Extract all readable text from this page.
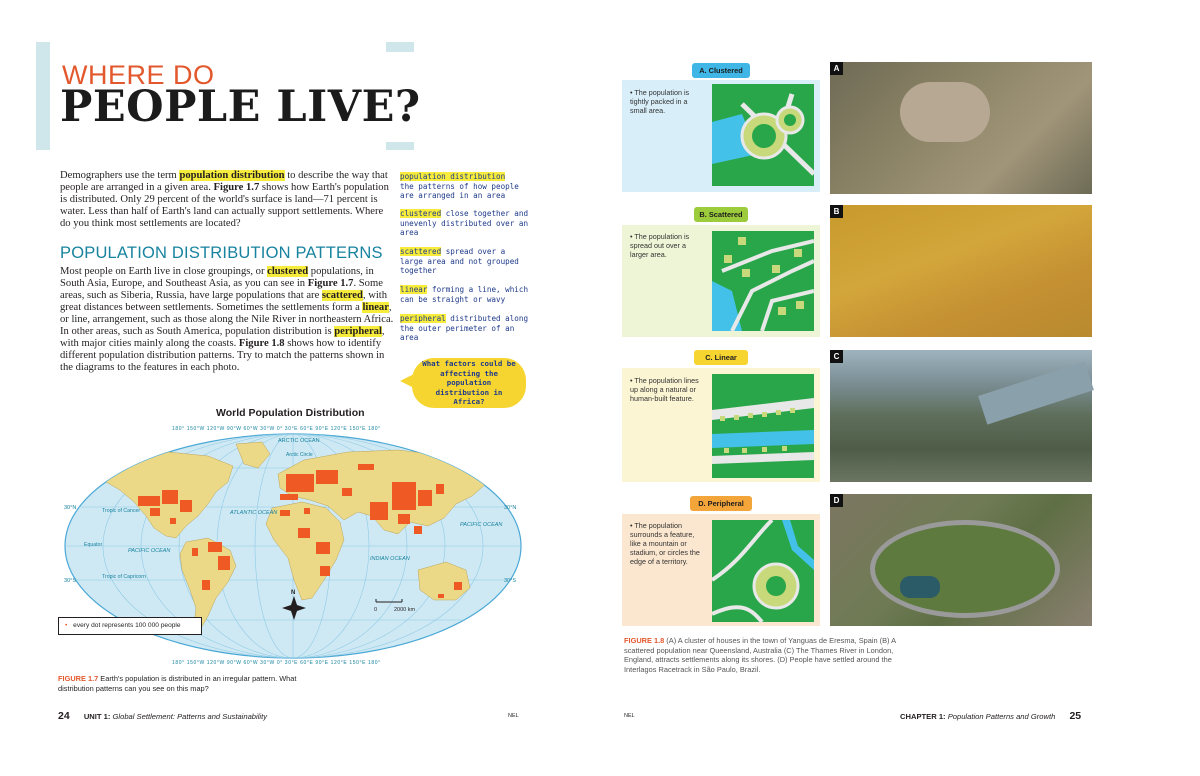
WHERE DO
PEOPLE LIVE?
Demographers use the term population distribution to describe the way that people are arranged in a given area. Figure 1.7 shows how Earth's population is distributed. Only 29 percent of the world's surface is land—71 percent is water. Less than half of Earth's land can actually support settlements. Where do you think most settlements are located?
POPULATION DISTRIBUTION PATTERNS
Most people on Earth live in close groupings, or clustered populations, in South Asia, Europe, and Southeast Asia, as you can see in Figure 1.7. Some areas, such as Siberia, Russia, have large populations that are scattered, with great distances between settlements. Sometimes the settlements form a linear, or line, arrangement, such as those along the Nile River in northeastern Africa. In other areas, such as South America, population distribution is peripheral, with major cities mainly along the coasts. Figure 1.8 shows how to identify different population distribution patterns. Try to match the patterns shown in the diagrams to the features in each photo.
population distribution
the patterns of how people are arranged in an area
clustered close together and unevenly distributed over an area
scattered spread over a large area and not grouped together
linear forming a line, which can be straight or wavy
peripheral distributed along the outer perimeter of an area
What factors could be affecting the population distribution in Africa?
World Population Distribution
180° 150°W 120°W 90°W 60°W 30°W 0° 30°E 60°E 90°E 120°E 150°E 180°
30°N
30°S
30°N
30°S
ARCTIC OCEAN
Arctic Circle
Tropic of Cancer
Equator
Tropic of Capricorn
ATLANTIC OCEAN
PACIFIC OCEAN
PACIFIC OCEAN
INDIAN OCEAN
N
0	2000 km
• every dot represents 100 000 people
180° 150°W 120°W 90°W 60°W 30°W 0° 30°E 60°E 90°E 120°E 150°E 180°
FIGURE 1.7 Earth's population is distributed in an irregular pattern. What distribution patterns can you see on this map?
24 UNIT 1: Global Settlement: Patterns and Sustainability	NEL
A. Clustered
• The population is tightly packed in a small area.
A
B. Scattered
• The population is spread out over a larger area.
B
C. Linear
• The population lines up along a natural or human-built feature.
C
D. Peripheral
• The population surrounds a feature, like a mountain or stadium, or circles the edge of a territory.
D
FIGURE 1.8 (A) A cluster of houses in the town of Yanguas de Eresma, Spain (B) A scattered population near Queensland, Australia (C) The Thames River in London, England, attracts settlements along its shores. (D) People have settled around the Interlagos Racetrack in São Paulo, Brazil.
NEL	CHAPTER 1: Population Patterns and Growth 25
